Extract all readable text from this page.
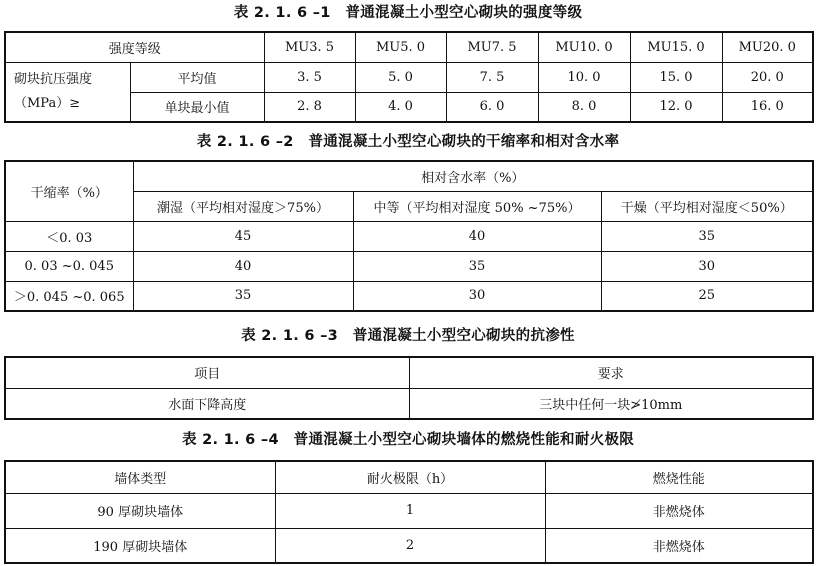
表 2. 1. 6 –1　普通混凝土小型空心砌块的强度等级
强度等级		MU3. 5	MU5. 0	MU7. 5	MU10. 0	MU15. 0	MU20. 0
砌块抗压强度（MPa）≥	平均值	3. 5	5. 0	7. 5	10. 0	15. 0	20. 0
	单块最小值	2. 8	4. 0	6. 0	8. 0	12. 0	16. 0
表 2. 1. 6 –2　普通混凝土小型空心砌块的干缩率和相对含水率
干缩率（%）	相对含水率（%）		
	潮湿（平均相对湿度＞75%）	中等（平均相对湿度 50% ~75%）	干燥（平均相对湿度＜50%）
＜0. 03	45	40	35
0. 03 ~0. 045	40	35	30
＞0. 045 ~0. 065	35	30	25
表 2. 1. 6 –3　普通混凝土小型空心砌块的抗渗性
项目	要求
水面下降高度	三块中任何一块≯10mm
表 2. 1. 6 –4　普通混凝土小型空心砌块墙体的燃烧性能和耐火极限
墙体类型	耐火极限（h）	燃烧性能
90 厚砌块墙体	1	非燃烧体
190 厚砌块墙体	2	非燃烧体
